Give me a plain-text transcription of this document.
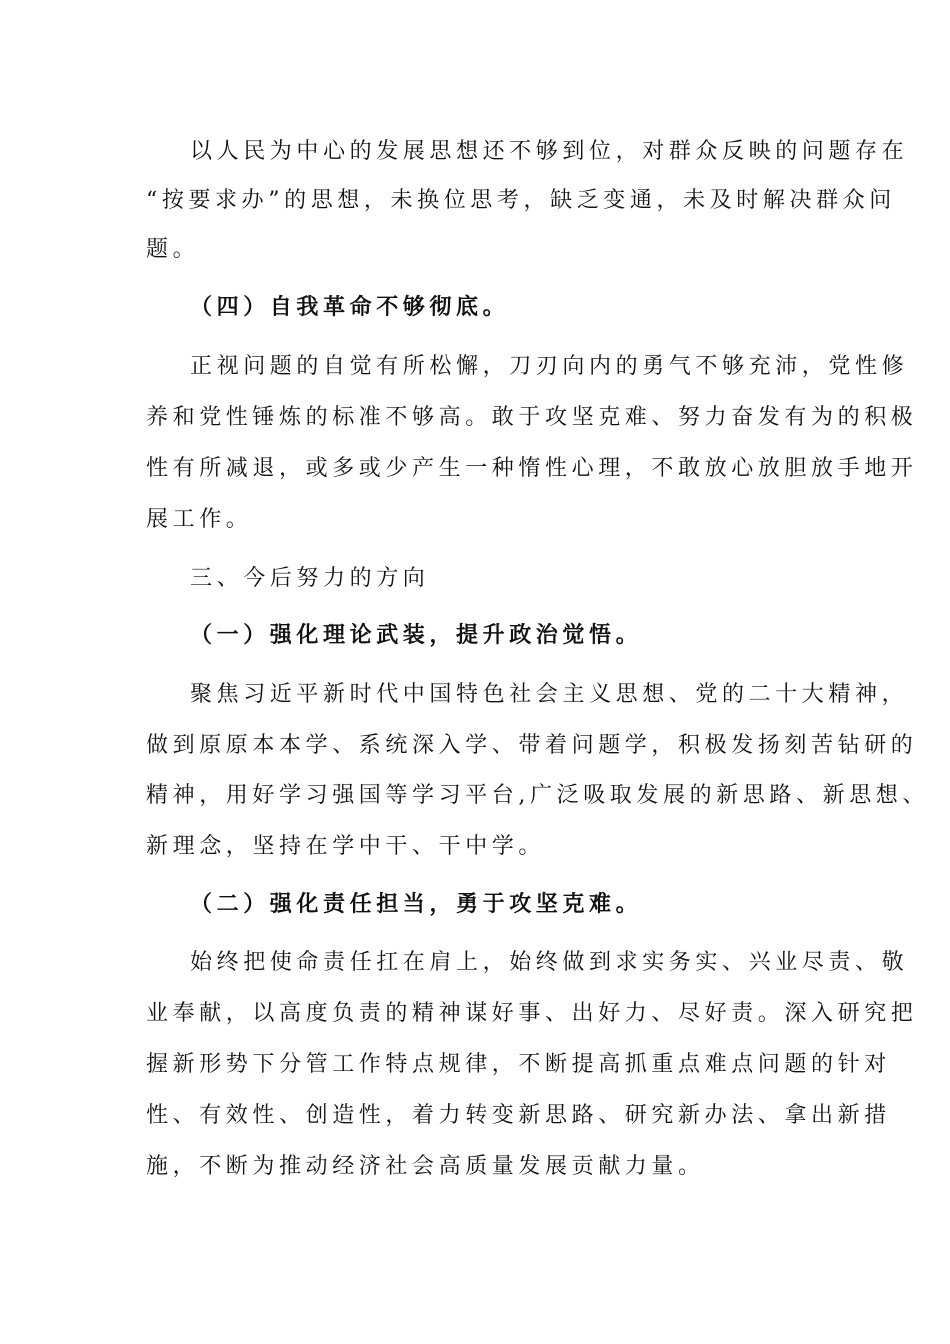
以人民为中心的发展思想还不够到位，对群众反映的问题存在
“按要求办”的思想，未换位思考，缺乏变通，未及时解决群众问
题。
（四）自我革命不够彻底。
正视问题的自觉有所松懈，刀刃向内的勇气不够充沛，党性修
养和党性锤炼的标准不够高。敢于攻坚克难、努力奋发有为的积极
性有所减退，或多或少产生一种惰性心理，不敢放心放胆放手地开
展工作。
三、今后努力的方向
（一）强化理论武装，提升政治觉悟。
聚焦习近平新时代中国特色社会主义思想、党的二十大精神，
做到原原本本学、系统深入学、带着问题学，积极发扬刻苦钻研的
精神，用好学习强国等学习平台,广泛吸取发展的新思路、新思想、
新理念，坚持在学中干、干中学。
（二）强化责任担当，勇于攻坚克难。
始终把使命责任扛在肩上，始终做到求实务实、兴业尽责、敬
业奉献，以高度负责的精神谋好事、出好力、尽好责。深入研究把
握新形势下分管工作特点规律，不断提高抓重点难点问题的针对
性、有效性、创造性，着力转变新思路、研究新办法、拿出新措
施，不断为推动经济社会高质量发展贡献力量。
